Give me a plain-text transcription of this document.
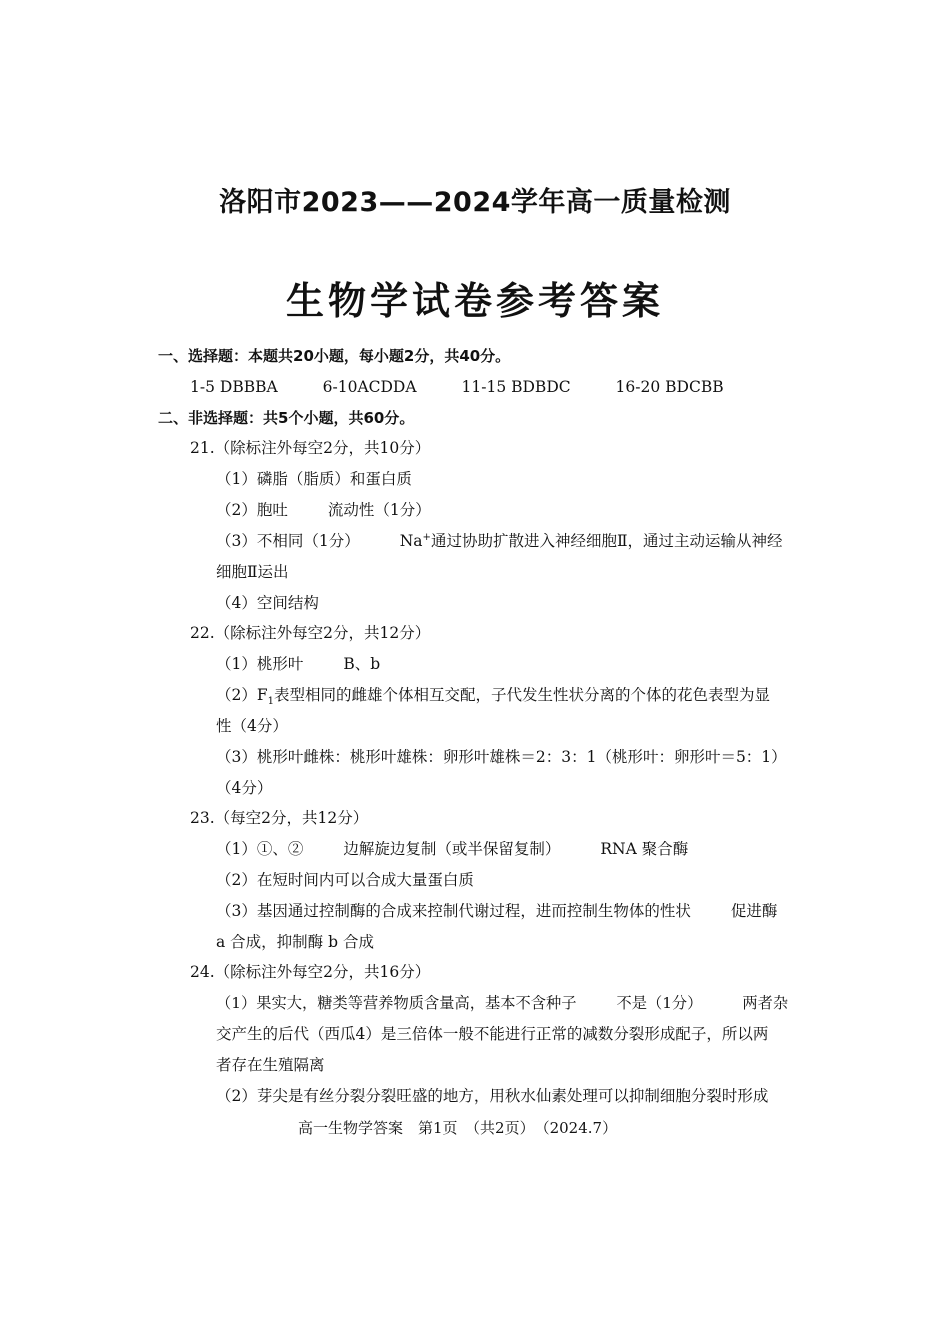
洛阳市2023——2024学年高一质量检测
生物学试卷参考答案
一、选择题：本题共20小题，每小题2分，共40分。
1-5 DBBBA	6-10ACDDA	11-15 BDBDC	16-20 BDCBB
二、非选择题：共5个小题，共60分。
21.（除标注外每空2分，共10分）
（1）磷脂（脂质）和蛋白质
（2）胞吐	流动性（1分）
（3）不相同（1分）	Na+通过协助扩散进入神经细胞Ⅱ，通过主动运输从神经
细胞Ⅱ运出
（4）空间结构
22.（除标注外每空2分，共12分）
（1）桃形叶	B、b
$(2)F_1$表型相同的雌雄个体相互交配，子代发生性状分离的个体的花色表型为显
性（4分）
（3）桃形叶雌株：桃形叶雄株：卵形叶雄株＝2：3：1（桃形叶：卵形叶＝5：1）
（4分）
23.（每空2分，共12分）
（1）①、②	边解旋边复制（或半保留复制）	RNA 聚合酶
（2）在短时间内可以合成大量蛋白质
（3）基因通过控制酶的合成来控制代谢过程，进而控制生物体的性状	促进酶
a 合成，抑制酶 b 合成
24.（除标注外每空2分，共16分）
（1）果实大，糖类等营养物质含量高，基本不含种子	不是（1分）	两者杂
交产生的后代（西瓜4）是三倍体一般不能进行正常的减数分裂形成配子，所以两
者存在生殖隔离
（2）芽尖是有丝分裂分裂旺盛的地方，用秋水仙素处理可以抑制细胞分裂时形成
高一生物学答案　第1页　（共2页）　（2024.7）
